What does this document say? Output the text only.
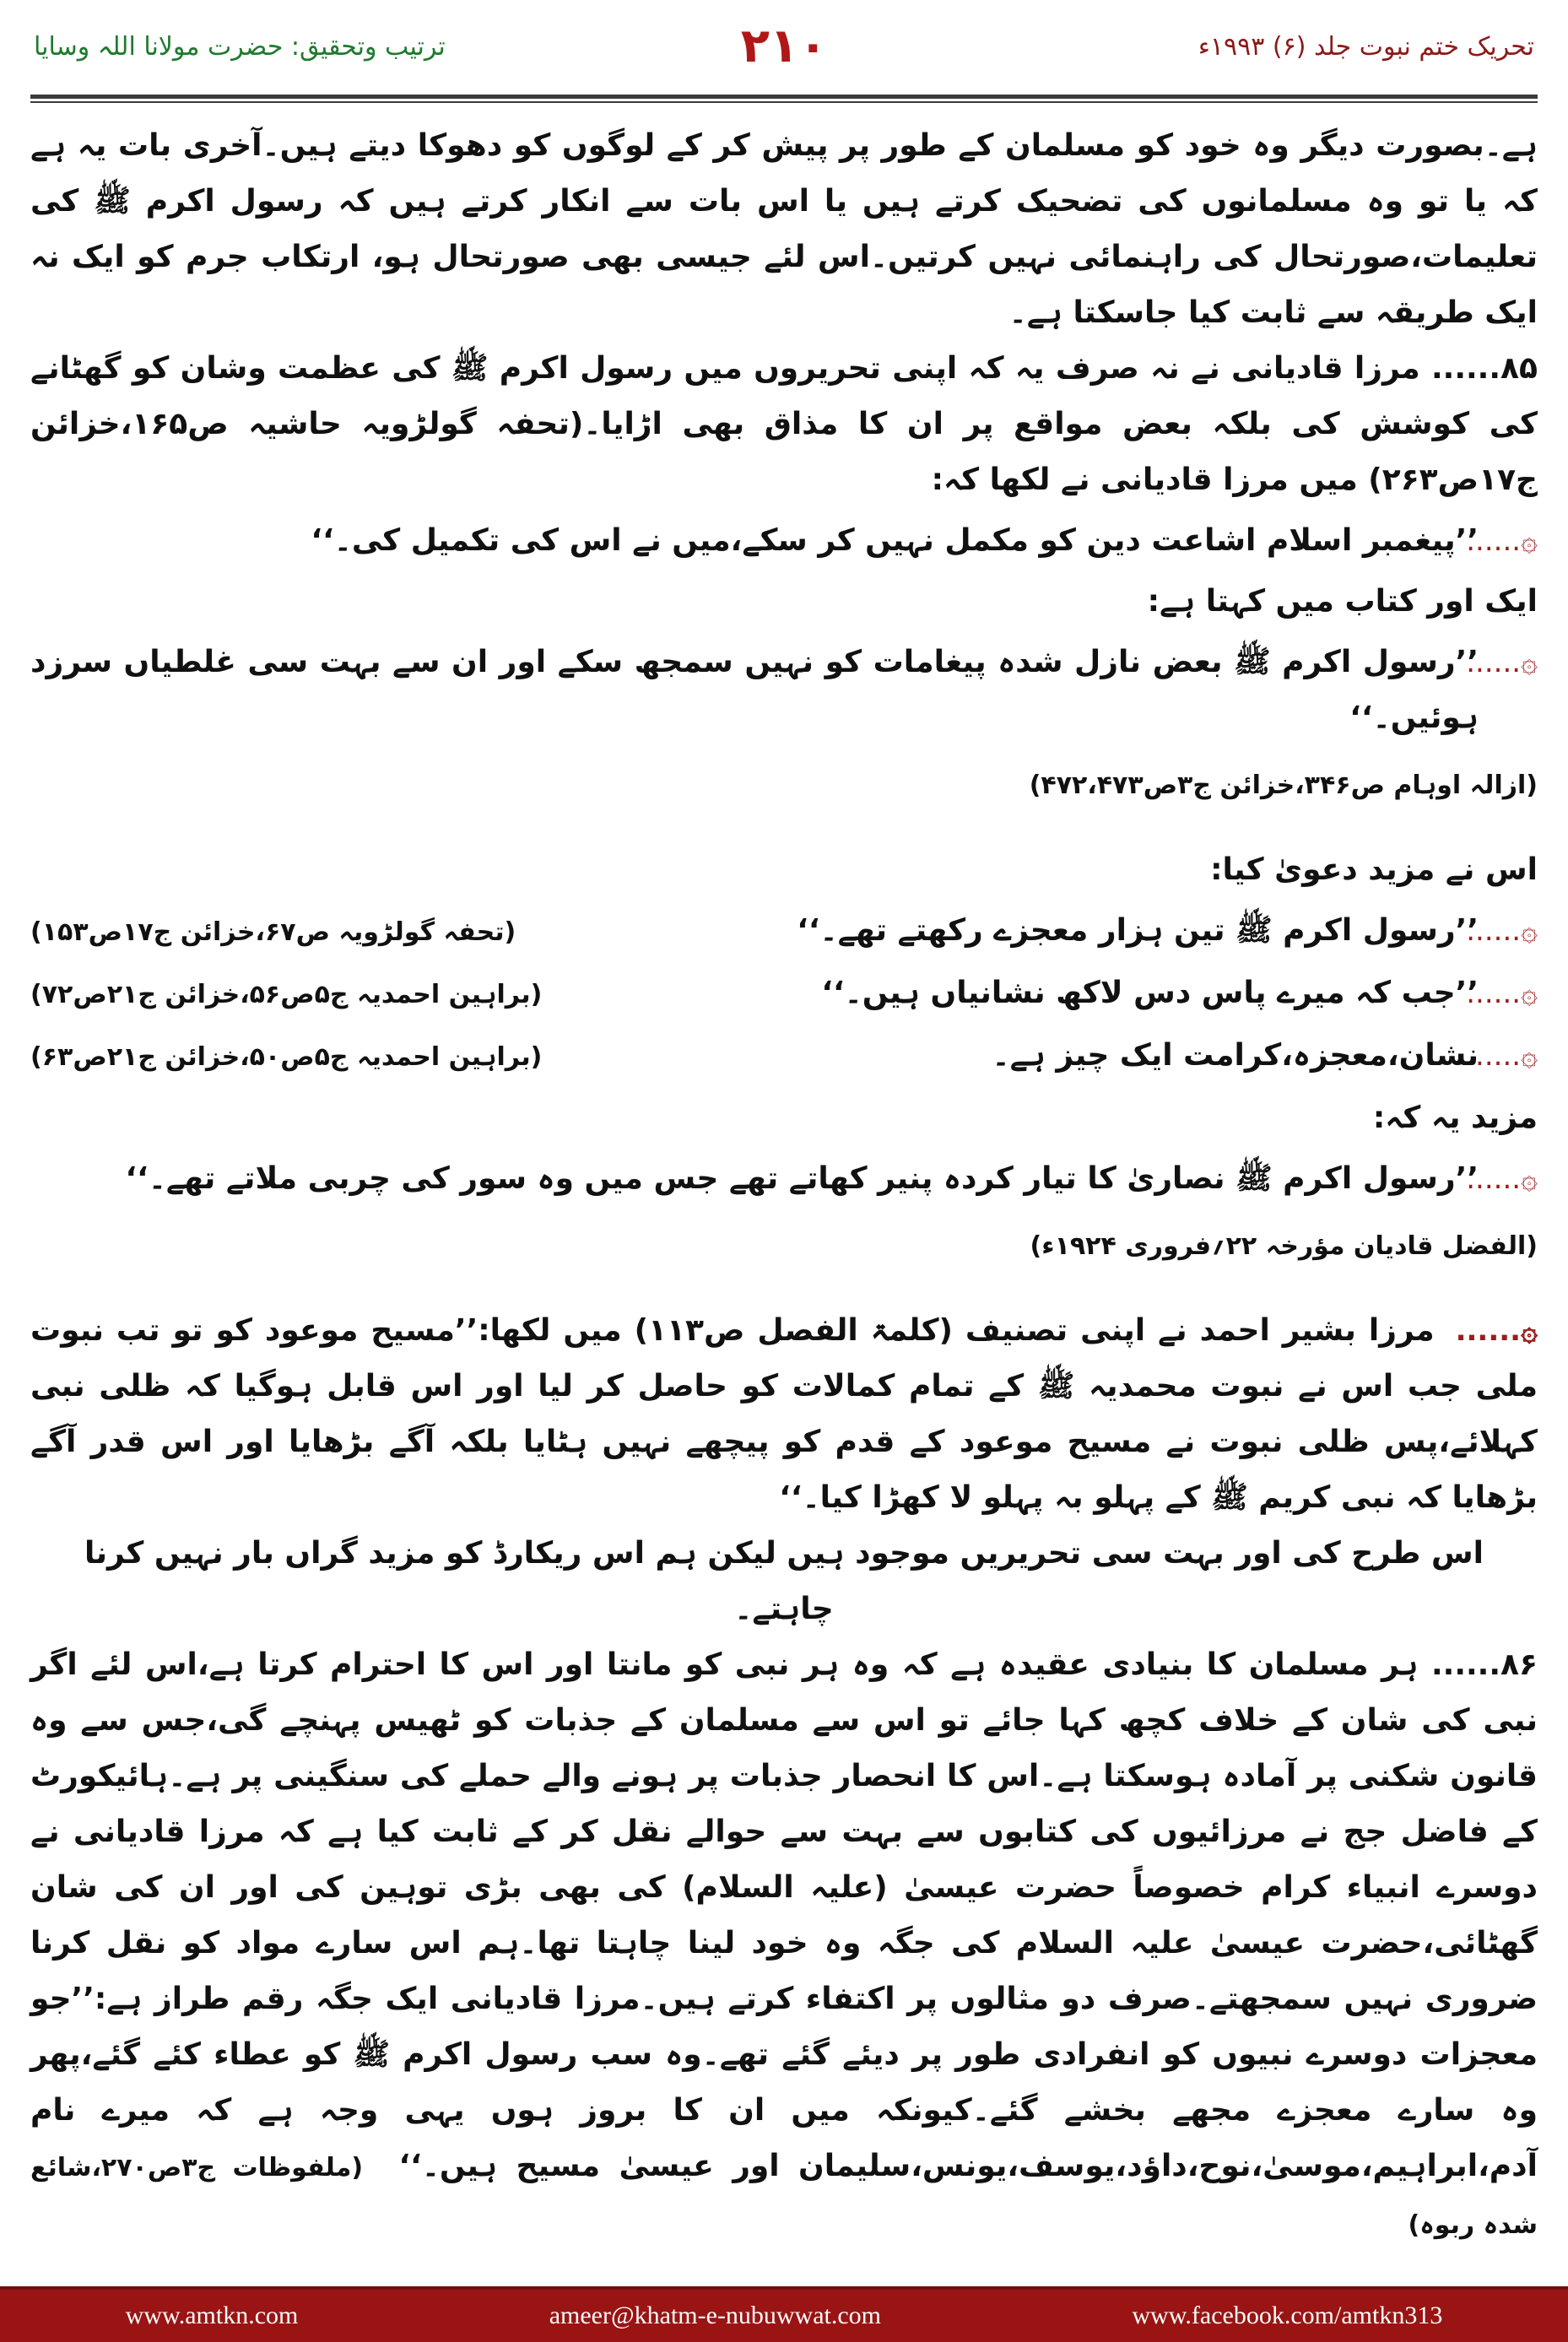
تحریک ختم نبوت جلد (۶) ۱۹۹۳ء
۲۱۰
ترتیب وتحقیق: حضرت مولانا اللہ وسایا

ہے۔بصورت دیگر وہ خود کو مسلمان کے طور پر پیش کر کے لوگوں کو دھوکا دیتے ہیں۔آخری بات یہ ہے کہ یا تو وہ مسلمانوں کی تضحیک کرتے ہیں یا اس بات سے انکار کرتے ہیں کہ رسول اکرم ﷺ کی تعلیمات،صورتحال کی راہنمائی نہیں کرتیں۔اس لئے جیسی بھی صورتحال ہو، ارتکاب جرم کو ایک نہ ایک طریقہ سے ثابت کیا جاسکتا ہے۔

۸۵...... مرزا قادیانی نے نہ صرف یہ کہ اپنی تحریروں میں رسول اکرم ﷺ کی عظمت وشان کو گھٹانے کی کوشش کی بلکہ بعض مواقع پر ان کا مذاق بھی اڑایا۔(تحفہ گولڑویہ حاشیہ ص۱۶۵،خزائن ج۱۷ص۲۶۳) میں مرزا قادیانی نے لکھا کہ:

۞......
’’پیغمبر اسلام اشاعت دین کو مکمل نہیں کر سکے،میں نے اس کی تکمیل کی۔‘‘

ایک اور کتاب میں کہتا ہے:

۞......
’’رسول اکرم ﷺ بعض نازل شدہ پیغامات کو نہیں سمجھ سکے اور ان سے بہت سی غلطیاں سرزد ہوئیں۔‘‘
(ازالہ اوہام ص۳۴۶،خزائن ج۳ص۴۷۲،۴۷۳)

اس نے مزید دعویٰ کیا:

۞......
’’رسول اکرم ﷺ تین ہزار معجزے رکھتے تھے۔‘‘
(تحفہ گولڑویہ ص۶۷،خزائن ج۱۷ص۱۵۳)
۞......
’’جب کہ میرے پاس دس لاکھ نشانیاں ہیں۔‘‘
(براہین احمدیہ ج۵ص۵۶،خزائن ج۲۱ص۷۲)
۞......
نشان،معجزہ،کرامت ایک چیز ہے۔
(براہین احمدیہ ج۵ص۵۰،خزائن ج۲۱ص۶۳)

مزید یہ کہ:

۞......
’’رسول اکرم ﷺ نصاریٰ کا تیار کردہ پنیر کھاتے تھے جس میں وہ سور کی چربی ملاتے تھے۔‘‘
(الفضل قادیان مؤرخہ ۲۲؍فروری ۱۹۲۴ء)

۞...... مرزا بشیر احمد نے اپنی تصنیف (کلمۃ الفصل ص۱۱۳) میں لکھا:’’مسیح موعود کو تو تب نبوت ملی جب اس نے نبوت محمدیہ ﷺ کے تمام کمالات کو حاصل کر لیا اور اس قابل ہوگیا کہ ظلی نبی کہلائے،پس ظلی نبوت نے مسیح موعود کے قدم کو پیچھے نہیں ہٹایا بلکہ آگے بڑھایا اور اس قدر آگے بڑھایا کہ نبی کریم ﷺ کے پہلو بہ پہلو لا کھڑا کیا۔‘‘

اس طرح کی اور بہت سی تحریریں موجود ہیں لیکن ہم اس ریکارڈ کو مزید گراں بار نہیں کرنا چاہتے۔

۸۶...... ہر مسلمان کا بنیادی عقیدہ ہے کہ وہ ہر نبی کو مانتا اور اس کا احترام کرتا ہے،اس لئے اگر نبی کی شان کے خلاف کچھ کہا جائے تو اس سے مسلمان کے جذبات کو ٹھیس پہنچے گی،جس سے وہ قانون شکنی پر آمادہ ہوسکتا ہے۔اس کا انحصار جذبات پر ہونے والے حملے کی سنگینی پر ہے۔ہائیکورٹ کے فاضل جج نے مرزائیوں کی کتابوں سے بہت سے حوالے نقل کر کے ثابت کیا ہے کہ مرزا قادیانی نے دوسرے انبیاء کرام خصوصاً حضرت عیسیٰ (علیہ السلام) کی بھی بڑی توہین کی اور ان کی شان گھٹائی،حضرت عیسیٰ علیہ السلام کی جگہ وہ خود لینا چاہتا تھا۔ہم اس سارے مواد کو نقل کرنا ضروری نہیں سمجھتے۔صرف دو مثالوں پر اکتفاء کرتے ہیں۔مرزا قادیانی ایک جگہ رقم طراز ہے:’’جو معجزات دوسرے نبیوں کو انفرادی طور پر دیئے گئے تھے۔وہ سب رسول اکرم ﷺ کو عطاء کئے گئے،پھر وہ سارے معجزے مجھے بخشے گئے۔کیونکہ میں ان کا بروز ہوں یہی وجہ ہے کہ میرے نام آدم،ابراہیم،موسیٰ،نوح،داؤد،یوسف،یونس،سلیمان اور عیسیٰ مسیح ہیں۔‘‘ (ملفوظات ج۳ص۲۷۰،شائع شدہ ربوہ)

www.amtkn.com	ameer@khatm-e-nubuwwat.com	www.facebook.com/amtkn313
